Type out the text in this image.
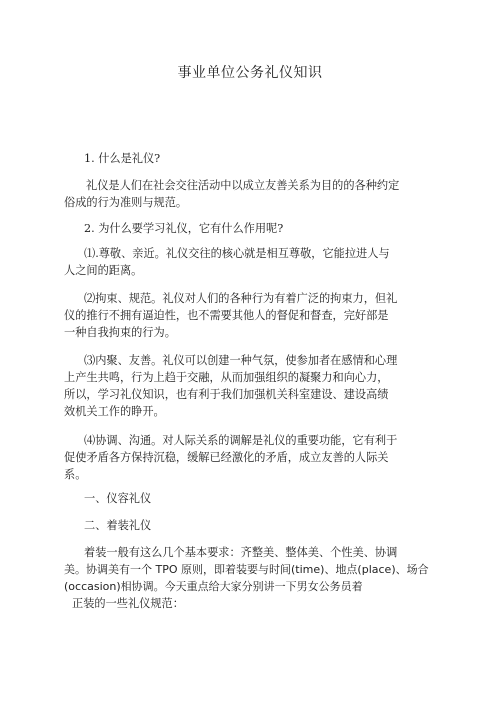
事业单位公务礼仪知识
1. 什么是礼仪?
礼仪是人们在社会交往活动中以成立友善关系为目的的各种约定
俗成的行为准则与规范。
2. 为什么要学习礼仪，它有什么作用呢?
⑴.尊敬、亲近。礼仪交往的核心就是相互尊敬，它能拉进人与
人之间的距离。
⑵拘束、规范。礼仪对人们的各种行为有着广泛的拘束力，但礼
仪的推行不拥有逼迫性，也不需要其他人的督促和督查，完好部是
一种自我拘束的行为。
⑶内聚、友善。礼仪可以创建一种气氛，使参加者在感情和心理
上产生共鸣，行为上趋于交融，从而加强组织的凝聚力和向心力，
所以，学习礼仪知识，也有利于我们加强机关科室建设、建设高绩
效机关工作的睁开。
⑷协调、沟通。对人际关系的调解是礼仪的重要功能，它有利于
促使矛盾各方保持沉稳，缓解已经激化的矛盾，成立友善的人际关
系。
一、仪容礼仪
二、着装礼仪
着装一般有这么几个基本要求：齐整美、整体美、个性美、协调
美。协调美有一个 TPO 原则，即着装要与时间(time)、地点(place)、场合
(occasion)相协调。今天重点给大家分别讲一下男女公务员着
正装的一些礼仪规范：
